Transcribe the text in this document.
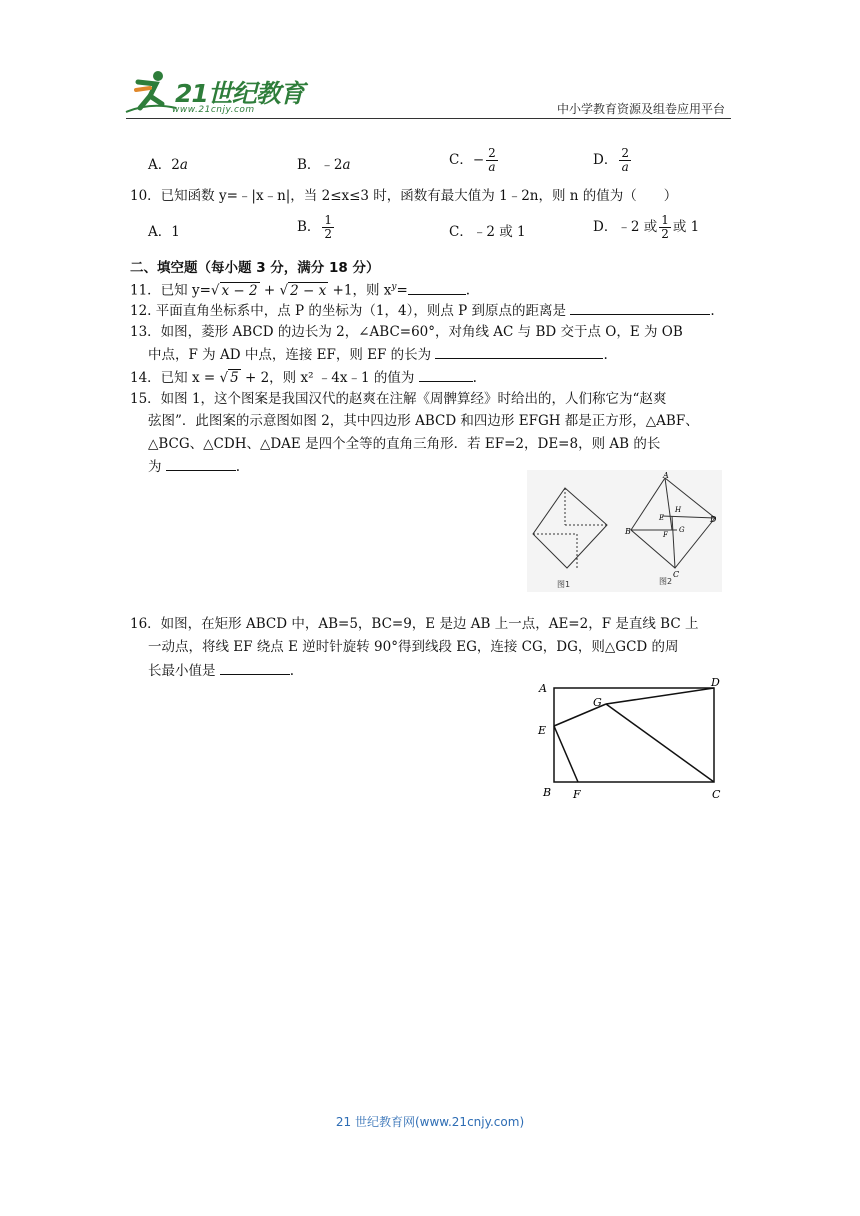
21世纪教育
www.21cnjy.com	中小学教育资源及组卷应用平台
A．2a	B．﹣2a	C．− $\frac{2}{a}$	D． $\frac{2}{a}$
10．已知函数 y=﹣|x﹣n|，当 2≤x≤3 时，函数有最大值为 1﹣2n，则 n 的值为（　　）
A．1	B． $\frac{1}{2}$	C．﹣2 或 1	D．﹣2 或 $\frac{1}{2}$ 或 1
二、填空题（每小题 3 分，满分 18 分）
11．已知 y=√ x − 2 + √ 2 − x +1，则 $x^y=$	.
12. 平面直角坐标系中，点 P 的坐标为（1，4），则点 P 到原点的距离是	.
13．如图，菱形 ABCD 的边长为 2，∠ABC=60°，对角线 AC 与 BD 交于点 O，E 为 OB
中点，F 为 AD 中点，连接 EF，则 EF 的长为	.
14．已知 x = √ 5 + 2，则 x² ﹣4x﹣1 的值为	.
15．如图 1，这个图案是我国汉代的赵爽在注解《周髀算经》时给出的，人们称它为“赵爽
弦图”．此图案的示意图如图 2，其中四边形 ABCD 和四边形 EFGH 都是正方形，△ABF、
△BCG、△CDH、△DAE 是四个全等的直角三角形．若 EF=2，DE=8，则 AB 的长
为	.
图1
A
B
C
D
E
F
G
H
图2
16．如图，在矩形 ABCD 中，AB=5，BC=9，E 是边 AB 上一点，AE=2，F 是直线 BC 上
一动点，将线 EF 绕点 E 逆时针旋转 90°得到线段 EG，连接 CG，DG，则△GCD 的周
长最小值是	.
A	D
G
E
B F	C
21 世纪教育网(www.21cnjy.com)
